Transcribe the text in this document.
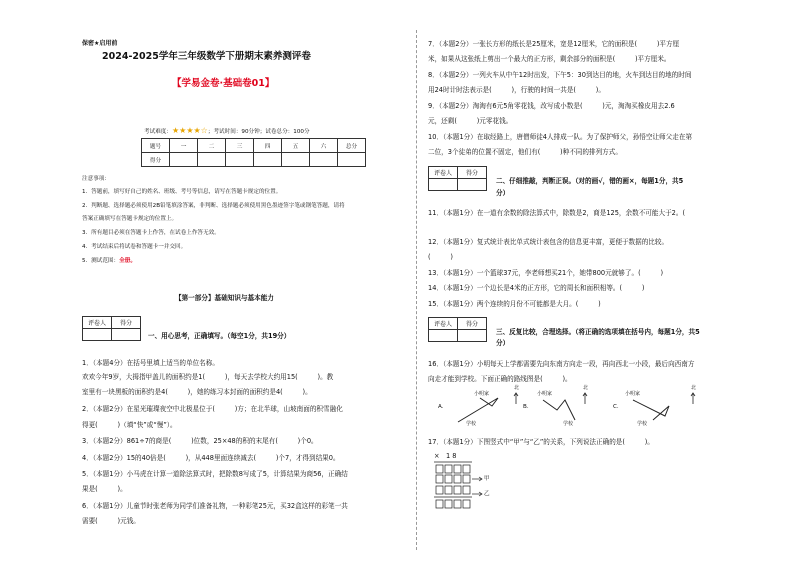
保密★启用前
2024-2025学年三年级数学下册期末素养测评卷
【学易金卷·基础卷01】
考试难度：★★★★☆；考试时间：90分钟；试卷总分：100分
题号	一	二	三	四	五	六	总分
得分							
注意事项：
1．答题前，填写好自己的姓名、班级、考号等信息，请写在答题卡规定的位置。
2．判断题、选择题必须使用2B铅笔填涂答案，非判断、选择题必须使用黑色墨迹签字笔或钢笔答题，请将
答案正确填写在答题卡规定的位置上。
3．所有题目必须在答题卡上作答，在试卷上作答无效。
4．考试结束后将试卷和答题卡一并交回。
5．测试范围：全册。
【第一部分】基础知识与基本能力
评卷人	得分

一、用心思考，正确填写。（每空1分，共19分）
1．（本题4分）在括号里填上适当的单位名称。
欢欢今年9岁，大拇指甲盖儿的面积约是1(　　　)，每天去学校大约用15(　　　)。教
室里有一块黑板的面积约是4(　　　)，她的练习本封面的面积约是4(　　　)。
2．（本题2分）在星光璀璨夜空中北极星位于(　　　)方；在北半球，山坡南面的积雪融化
得更(　　　)（填“快”或“慢”）。
3．（本题2分）861÷7的商是(　　　)位数，25×48的积的末尾有(　　　)个0。
4．（本题2分）15的40倍是(　　　)，从448里面连续减去(　　　)个7，才得到结果0。
5．（本题1分）小马虎在计算一道除法算式时，把除数8写成了5，计算结果为商56，正确结
果是(　　　)。
6．（本题1分）儿童节时张老师为同学们准备礼物，一种彩笔25元，买32盒这样的彩笔一共
需要(　　　)元钱。
7．（本题2分）一张长方形的纸长是25厘米，宽是12厘米，它的面积是(　　　)平方厘
米，如果从这张纸上剪出一个最大的正方形，剩余部分的面积是(　　　)平方厘米。
8．（本题2分）一列火车从中午12时出发，下午5：30到达目的地，火车到达目的地的时间
用24时计时法表示是(　　　)，行驶的时间一共是(　　　)。
9．（本题2分）淘淘有6元5角零花钱，改写成小数是(　　　)元，淘淘买橡皮用去2.6
元，还剩(　　　)元零花钱。
10．（本题1分）在取经路上，唐僧师徒4人排成一队。为了保护师父，孙悟空让师父走在第
二位，3个徒弟的位置不固定，他们有(　　　)种不同的排列方式。
评卷人	得分

二、仔细推敲，判断正误。（对的画√，错的画×，每题1分，共5
分）
11．（本题1分）在一道有余数的除法算式中，除数是2，商是125，余数不可能大于2。(　　
12．（本题1分）复式统计表比单式统计表包含的信息更丰富，更便于数据的比较。
(　　　)
13．（本题1分）一个篮球37元，李老师想买21个，她带800元就够了。(　　　)
14．（本题1分）一个边长是4米的正方形，它的周长和面积相等。(　　　)
15．（本题1分）两个连续的月份不可能都是大月。(　　　)
评卷人	得分

三、反复比较，合理选择。（将正确的选项填在括号内，每题1分，共5
分）
16．（本题1分）小明每天上学都需要先向东南方向走一段，再向西北一小段，最后向西南方
向走才能到学校。下面正确的路线图是(　　　)。
A.
小明家
学校
北
B.
小明家
学校
北
C.
小明家
学校
北
17．（本题1分）下图竖式中“甲”与“乙”的关系，下列说法正确的是(　　　)。
× 1 8
甲
乙
